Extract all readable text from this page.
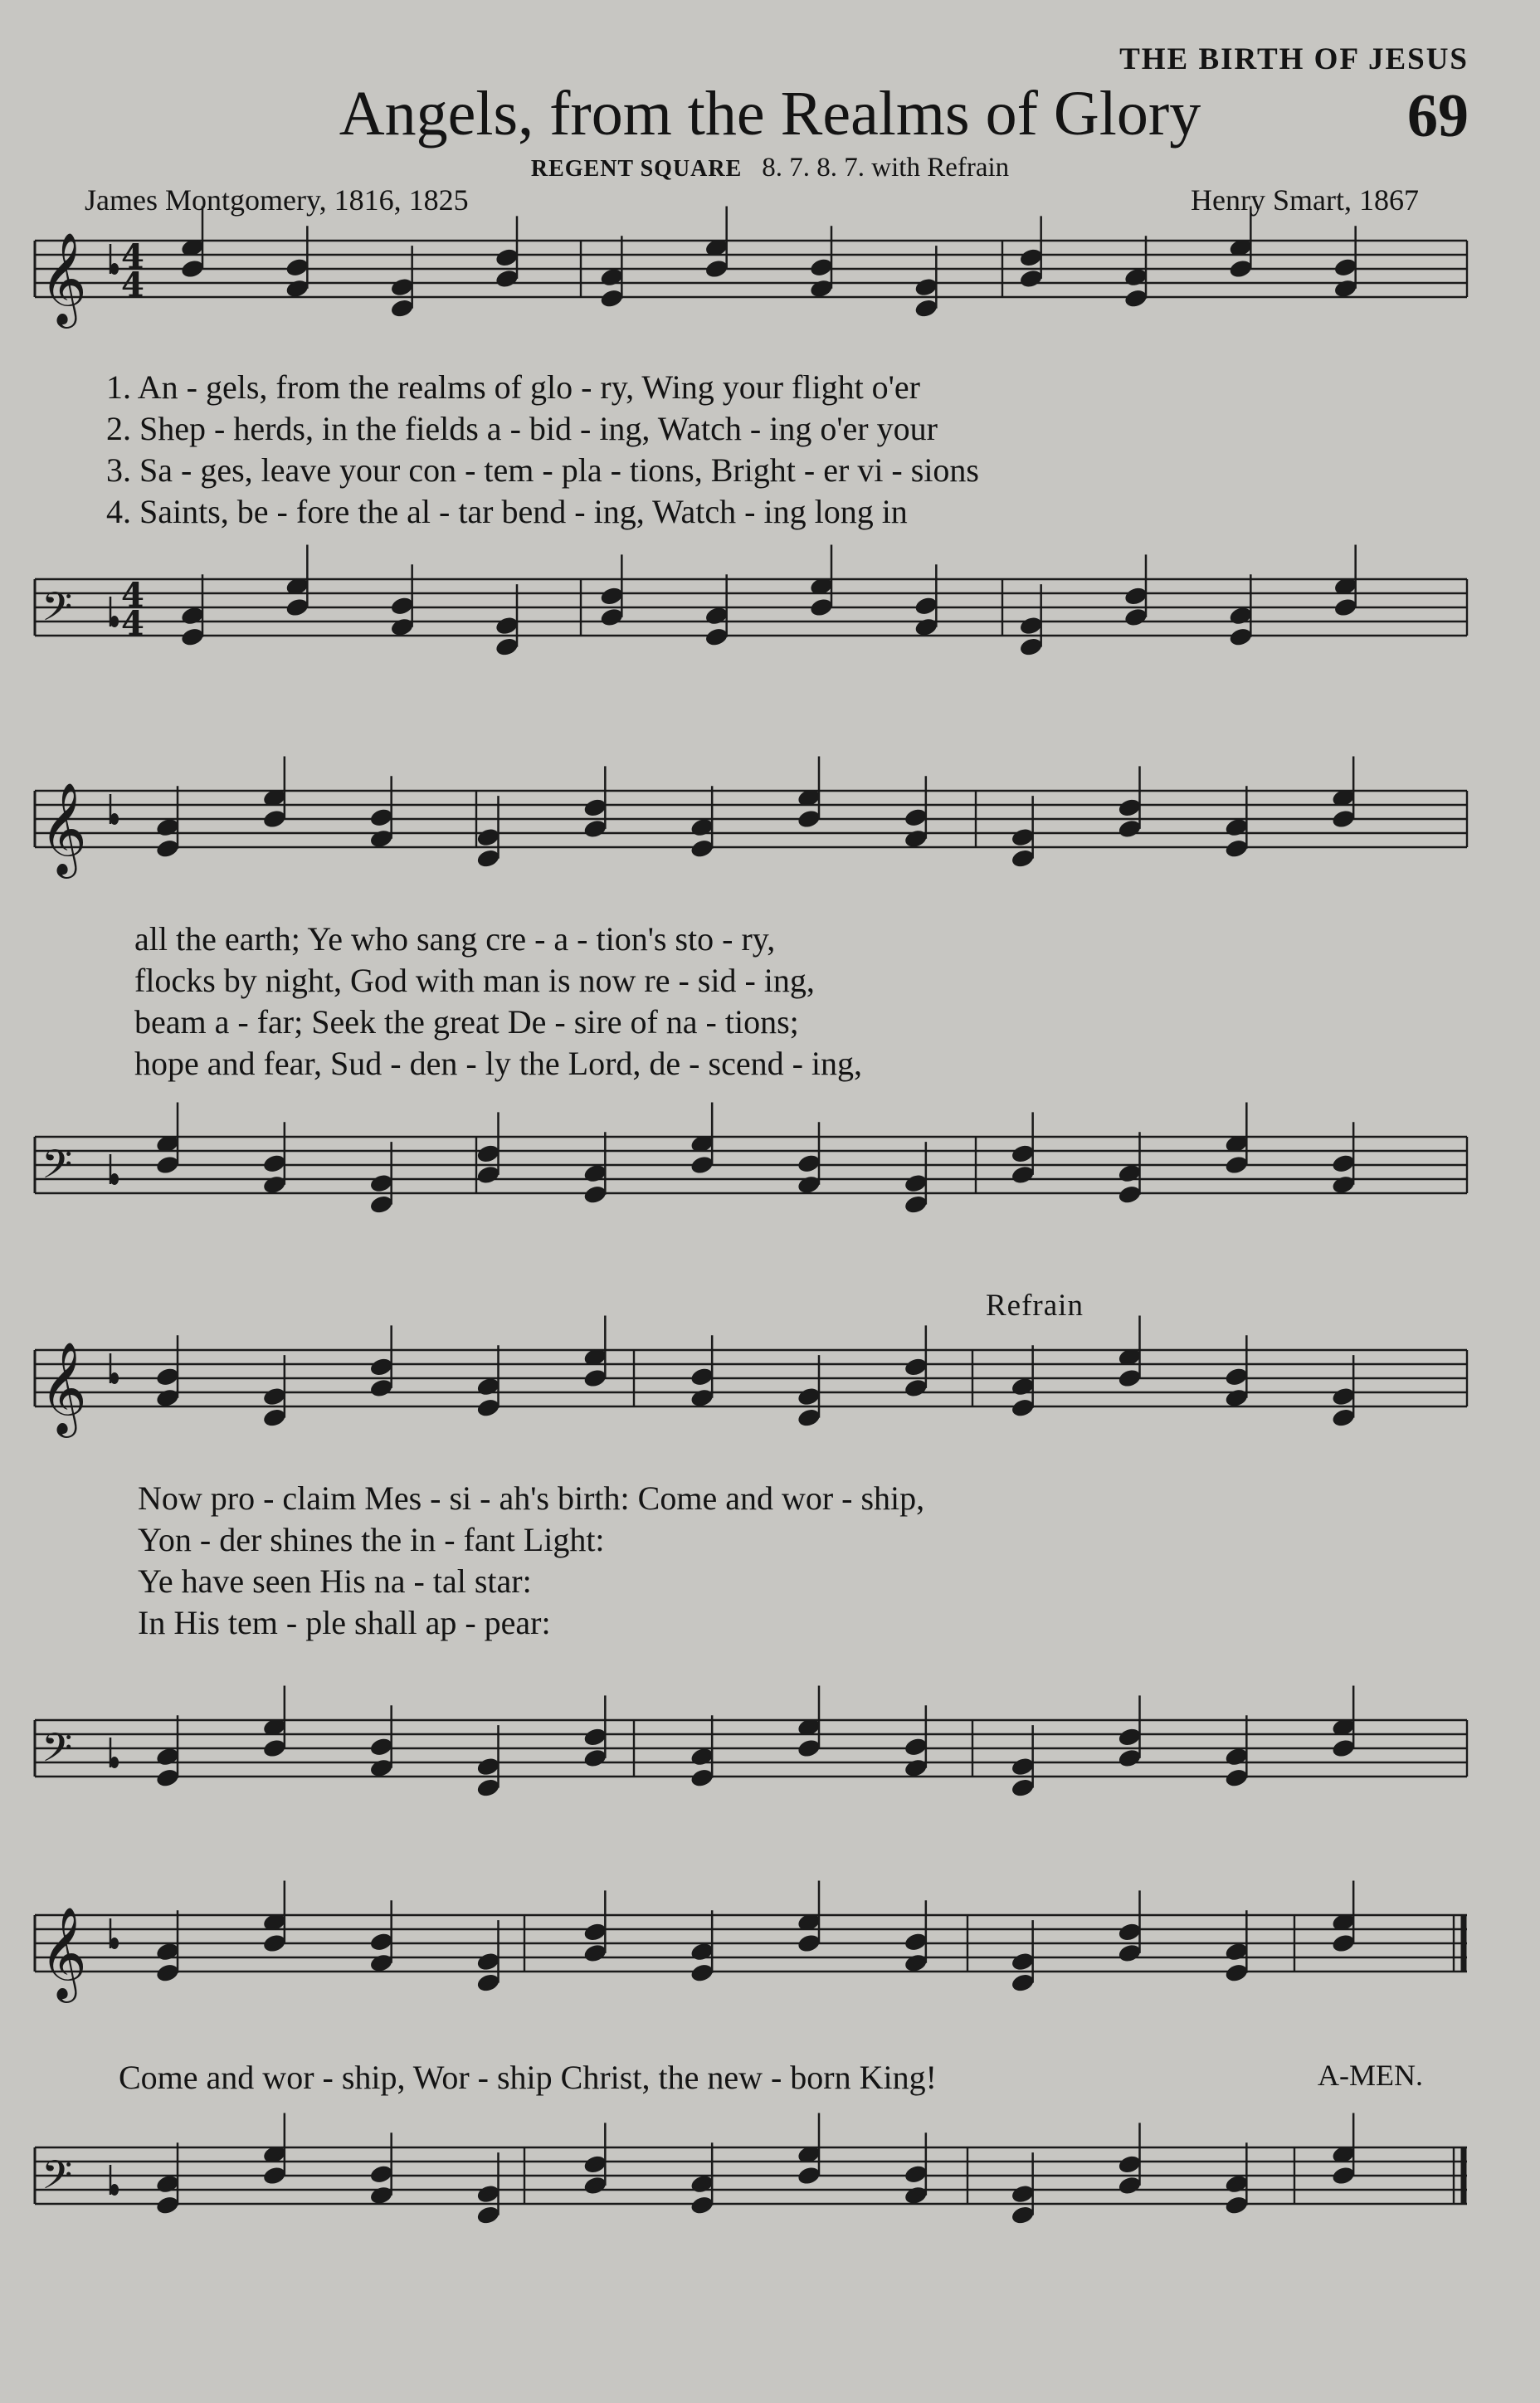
THE BIRTH OF JESUS
Angels, from the Realms of Glory	69
REGENT SQUARE 8. 7. 8. 7. with Refrain
James Montgomery, 1816, 1825	Henry Smart, 1867
Refrain
𝄞 4
4
𝄢 4
4
𝄞
𝄢
𝄞
𝄢
𝄞
𝄢
1. An - gels, from the realms of glo - ry, Wing your flight o'er
2. Shep - herds, in the fields a - bid - ing, Watch - ing o'er your
3. Sa - ges, leave your con - tem - pla - tions, Bright - er vi - sions
4. Saints, be - fore the al - tar bend - ing, Watch - ing long in
all the earth; Ye who sang cre - a - tion's sto - ry,
flocks by night, God with man is now re - sid - ing,
beam a - far; Seek the great De - sire of na - tions;
hope and fear, Sud - den - ly the Lord, de - scend - ing,
Now pro - claim Mes - si - ah's birth: Come and wor - ship,
Yon - der shines the in - fant Light:
Ye have seen His na - tal star:
In His tem - ple shall ap - pear:
Come and wor - ship, Wor - ship Christ, the new - born King!	A-MEN.
